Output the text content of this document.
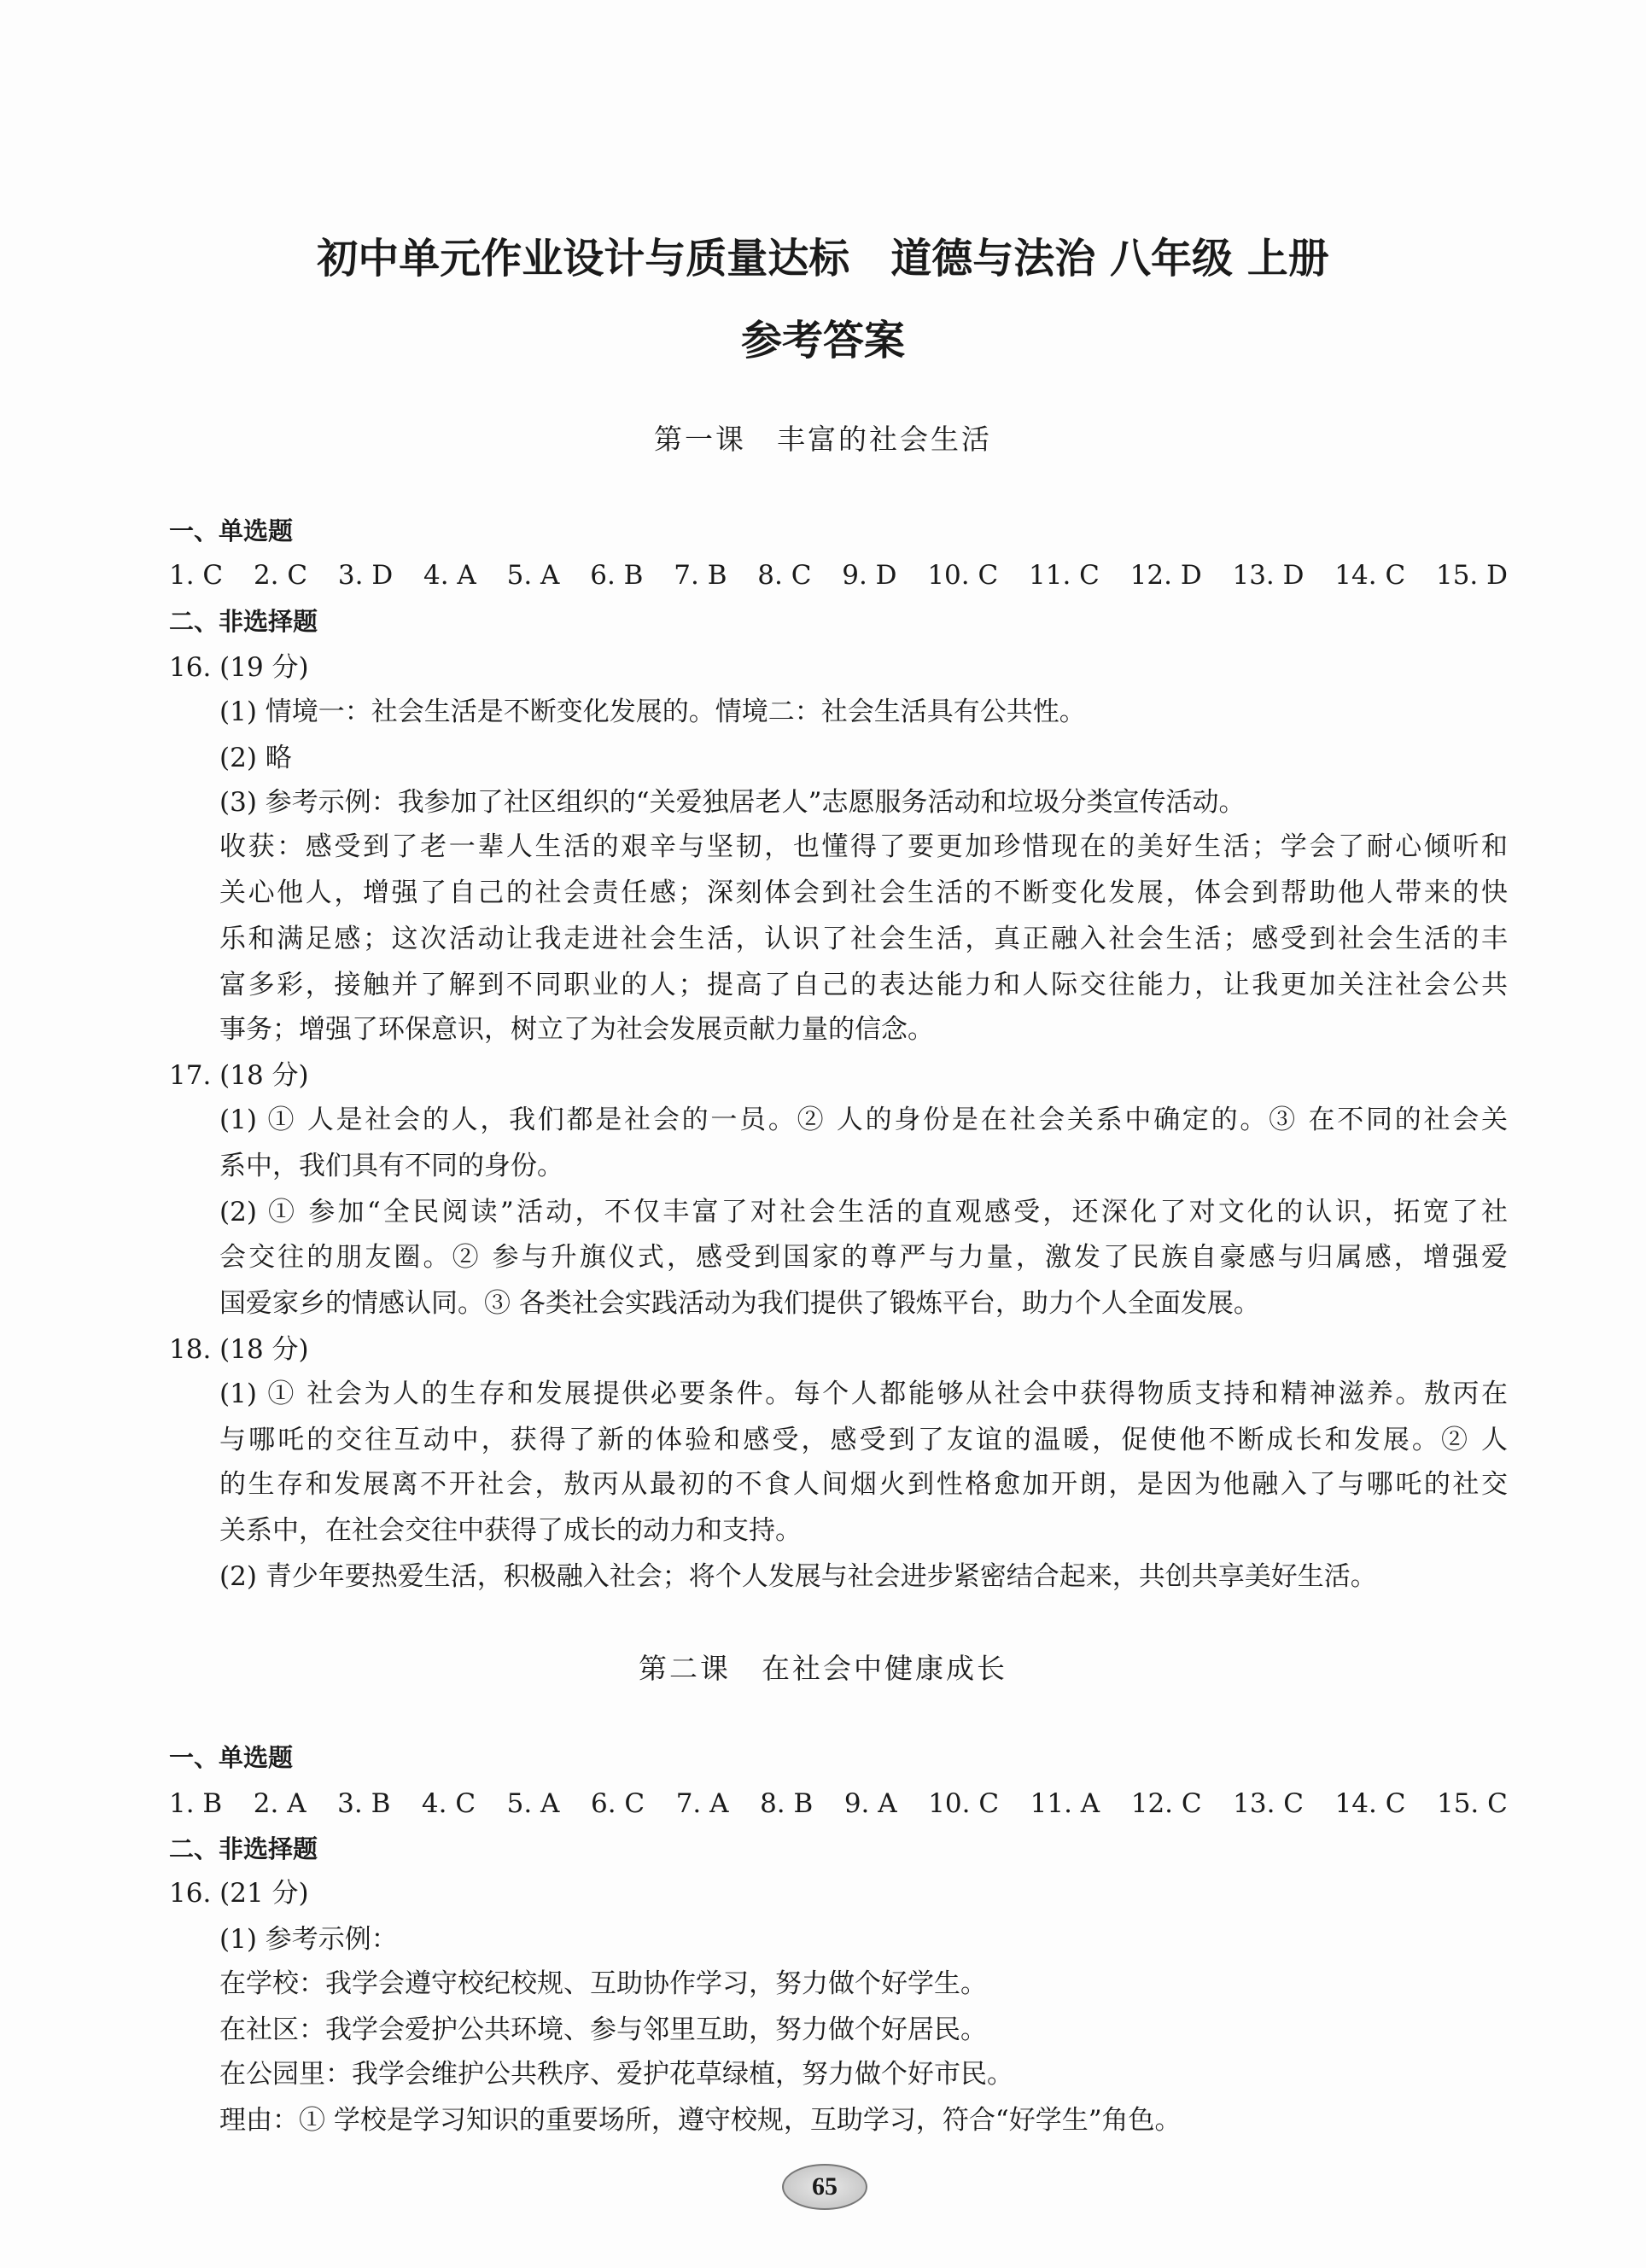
初中单元作业设计与质量达标　道德与法治 八年级 上册
参考答案
第一课　丰富的社会生活
一、单选题
1. C 2. C 3. D 4. A 5. A 6. B 7. B 8. C 9. D 10. C 11. C 12. D 13. D 14. C 15. D
二、非选择题
16. (19 分)
(1) 情境一：社会生活是不断变化发展的。情境二：社会生活具有公共性。
(2) 略
(3) 参考示例：我参加了社区组织的“关爱独居老人”志愿服务活动和垃圾分类宣传活动。
收获：感受到了老一辈人生活的艰辛与坚韧，也懂得了要更加珍惜现在的美好生活；学会了耐心倾听和
关心他人，增强了自己的社会责任感；深刻体会到社会生活的不断变化发展，体会到帮助他人带来的快
乐和满足感；这次活动让我走进社会生活，认识了社会生活，真正融入社会生活；感受到社会生活的丰
富多彩，接触并了解到不同职业的人；提高了自己的表达能力和人际交往能力，让我更加关注社会公共
事务；增强了环保意识，树立了为社会发展贡献力量的信念。
17. (18 分)
(1) ① 人是社会的人，我们都是社会的一员。② 人的身份是在社会关系中确定的。③ 在不同的社会关
系中，我们具有不同的身份。
(2) ① 参加“全民阅读”活动，不仅丰富了对社会生活的直观感受，还深化了对文化的认识，拓宽了社
会交往的朋友圈。② 参与升旗仪式，感受到国家的尊严与力量，激发了民族自豪感与归属感，增强爱
国爱家乡的情感认同。③ 各类社会实践活动为我们提供了锻炼平台，助力个人全面发展。
18. (18 分)
(1) ① 社会为人的生存和发展提供必要条件。每个人都能够从社会中获得物质支持和精神滋养。敖丙在
与哪吒的交往互动中，获得了新的体验和感受，感受到了友谊的温暖，促使他不断成长和发展。② 人
的生存和发展离不开社会，敖丙从最初的不食人间烟火到性格愈加开朗，是因为他融入了与哪吒的社交
关系中，在社会交往中获得了成长的动力和支持。
(2) 青少年要热爱生活，积极融入社会；将个人发展与社会进步紧密结合起来，共创共享美好生活。
第二课　在社会中健康成长
一、单选题
1. B 2. A 3. B 4. C 5. A 6. C 7. A 8. B 9. A 10. C 11. A 12. C 13. C 14. C 15. C
二、非选择题
16. (21 分)
(1) 参考示例：
在学校：我学会遵守校纪校规、互助协作学习，努力做个好学生。
在社区：我学会爱护公共环境、参与邻里互助，努力做个好居民。
在公园里：我学会维护公共秩序、爱护花草绿植，努力做个好市民。
理由：① 学校是学习知识的重要场所，遵守校规，互助学习，符合“好学生”角色。
65
